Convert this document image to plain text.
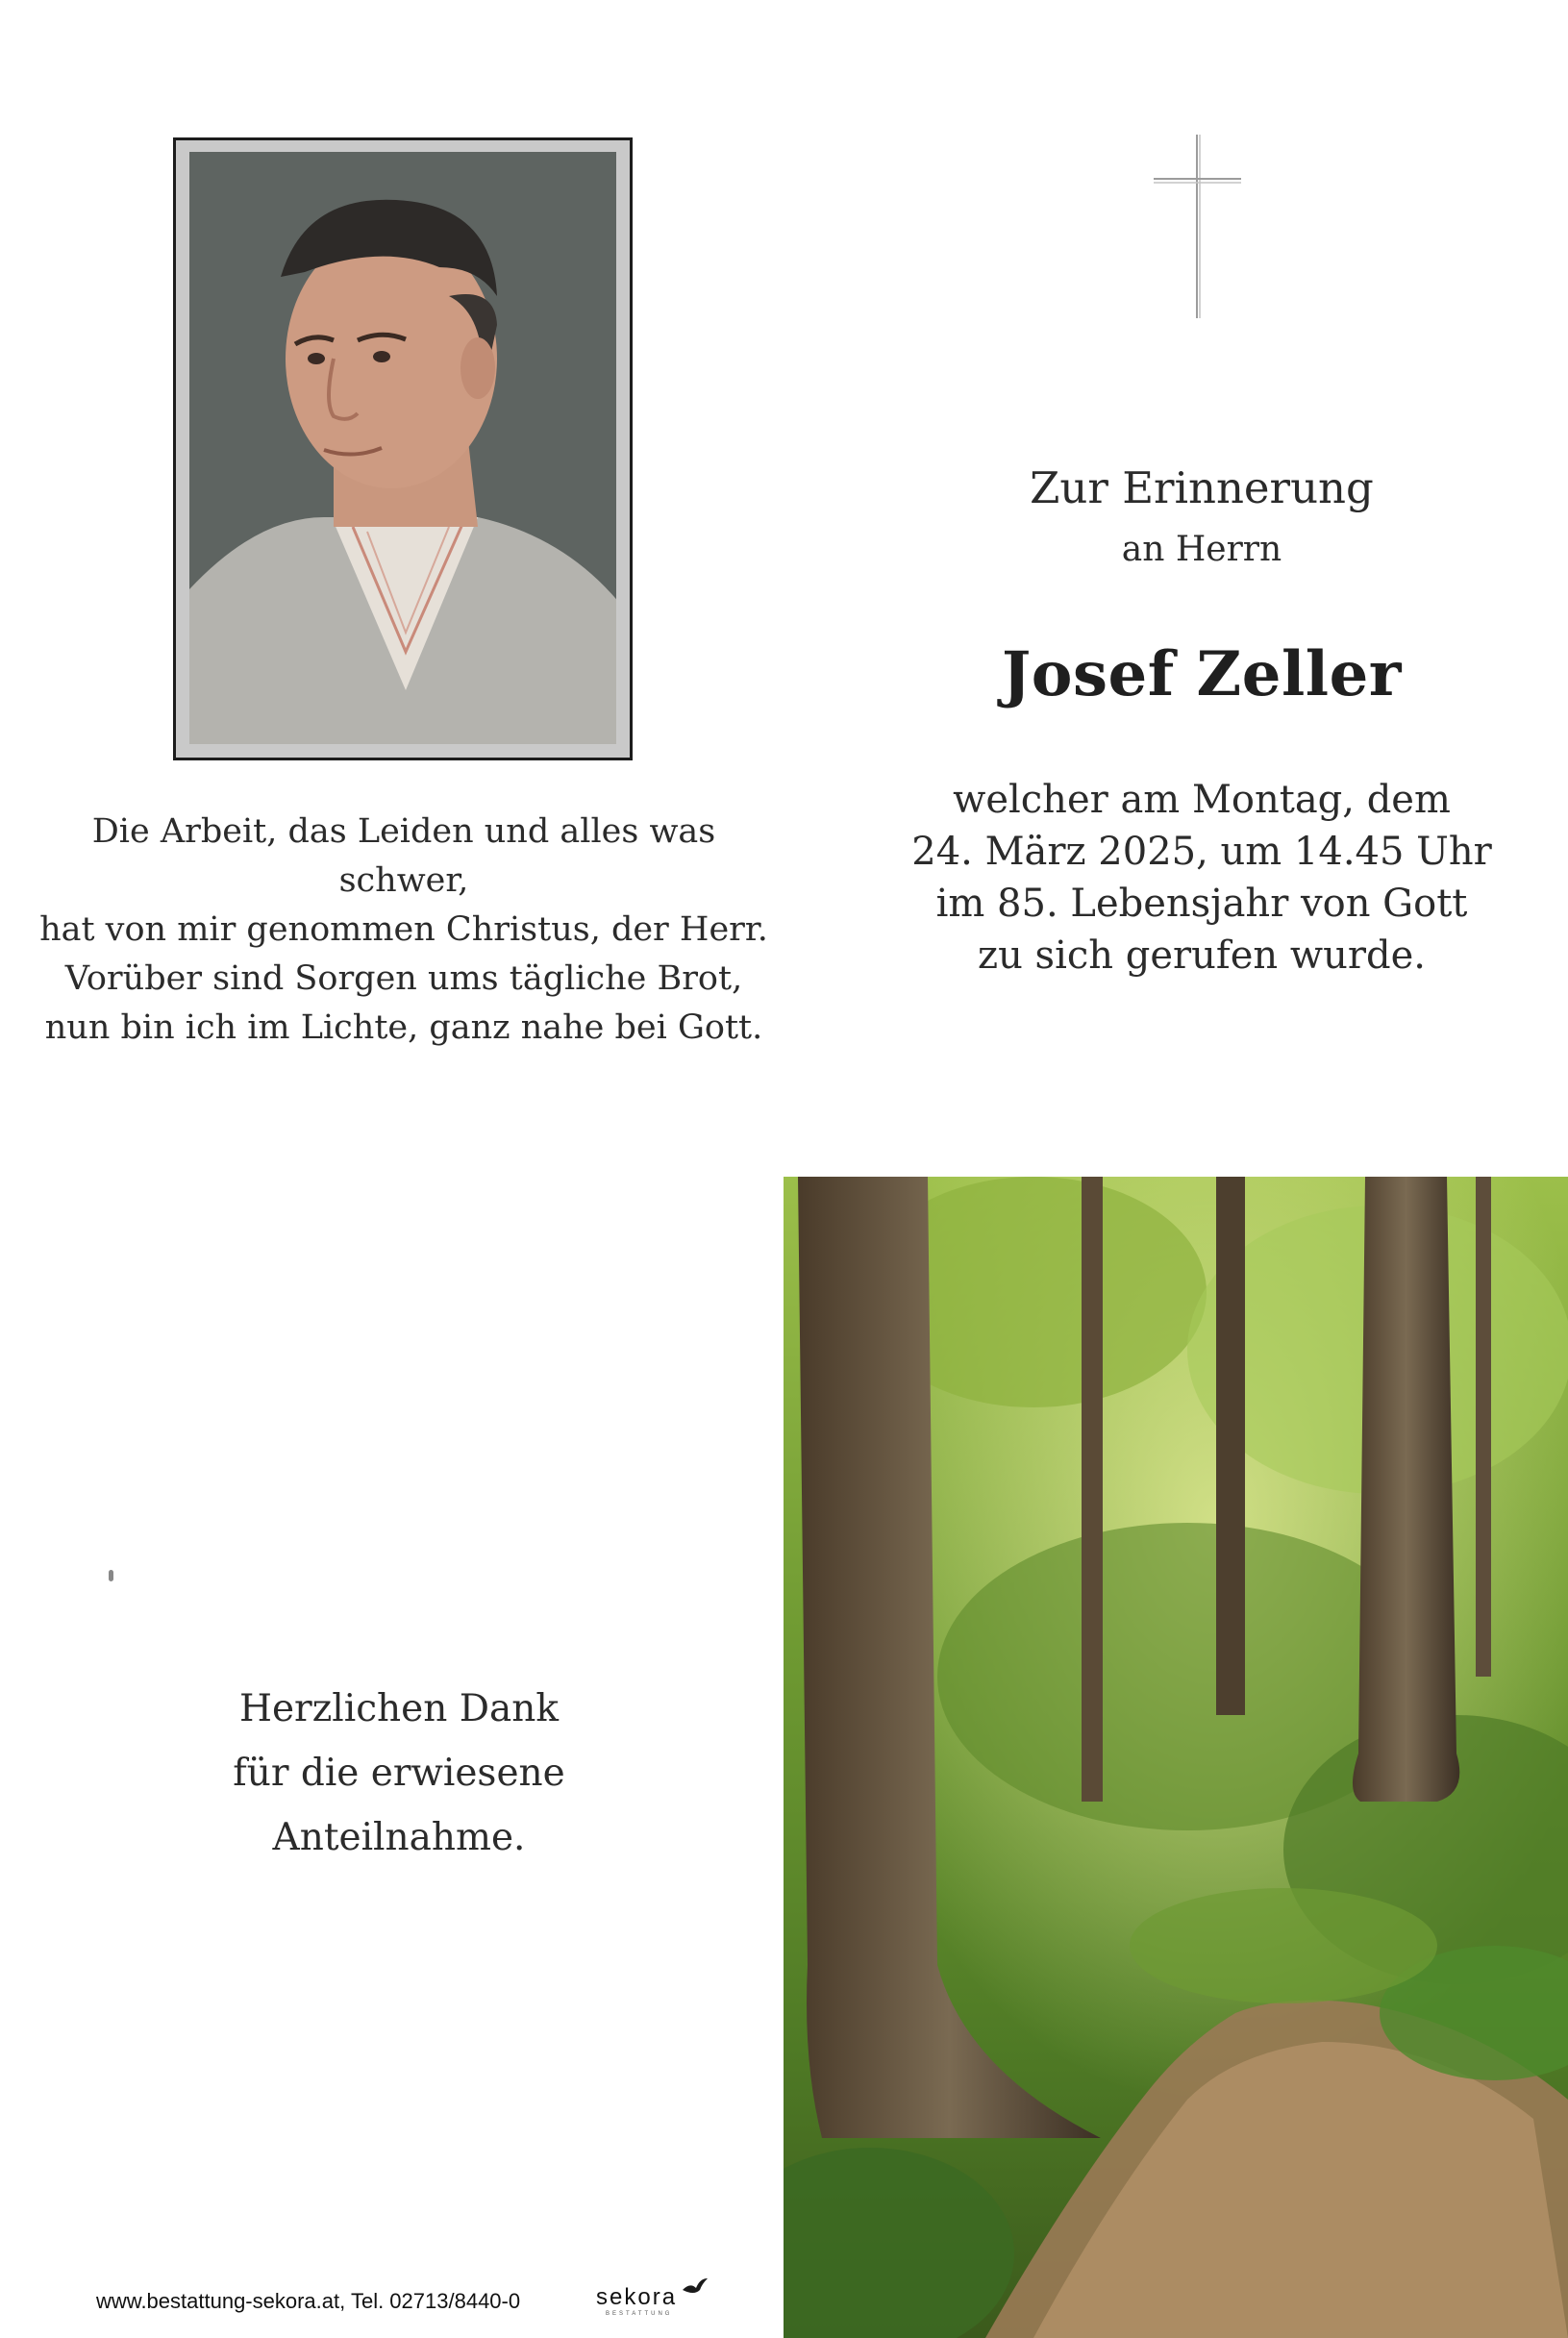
Zur Erinnerung
an Herrn
Josef Zeller
welcher am Montag, dem
24. März 2025, um 14.45 Uhr
im 85. Lebensjahr von Gott
zu sich gerufen wurde.
Die Arbeit, das Leiden und alles was schwer,
hat von mir genommen Christus, der Herr.
Vorüber sind Sorgen ums tägliche Brot,
nun bin ich im Lichte, ganz nahe bei Gott.
Herzlichen Dank
für die erwiesene
Anteilnahme.
www.bestattung-sekora.at, Tel. 02713/8440-0	sekora
BESTATTUNG
